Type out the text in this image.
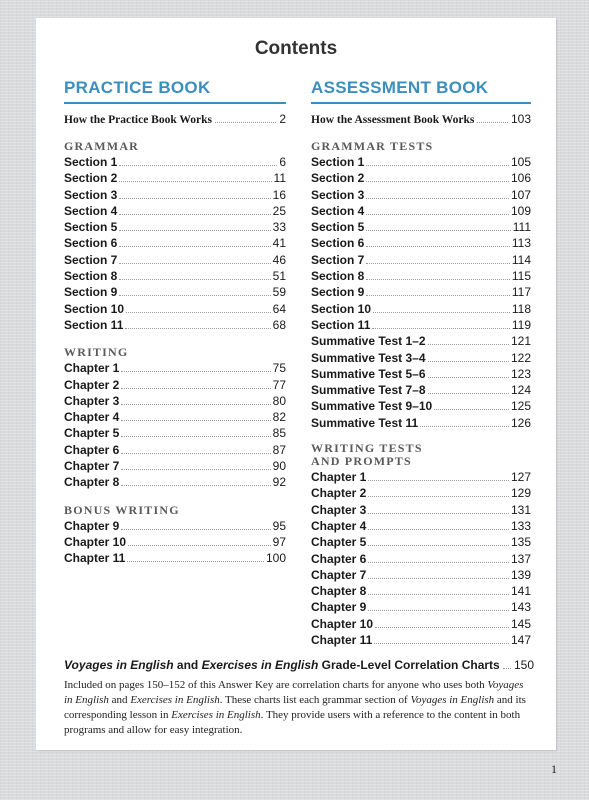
Contents
PRACTICE BOOK
How the Practice Book Works	2
GRAMMAR
Section 1	6
Section 2	11
Section 3	16
Section 4	25
Section 5	33
Section 6	41
Section 7	46
Section 8	51
Section 9	59
Section 10	64
Section 11	68
WRITING
Chapter 1	75
Chapter 2	77
Chapter 3	80
Chapter 4	82
Chapter 5	85
Chapter 6	87
Chapter 7	90
Chapter 8	92
BONUS WRITING
Chapter 9	95
Chapter 10	97
Chapter 11	100
ASSESSMENT BOOK
How the Assessment Book Works	103
GRAMMAR TESTS
Section 1	105
Section 2	106
Section 3	107
Section 4	109
Section 5	111
Section 6	113
Section 7	114
Section 8	115
Section 9	117
Section 10	118
Section 11	119
Summative Test 1–2	121
Summative Test 3–4	122
Summative Test 5–6	123
Summative Test 7–8	124
Summative Test 9–10	125
Summative Test 11	126
WRITING TESTS
AND PROMPTS
Chapter 1	127
Chapter 2	129
Chapter 3	131
Chapter 4	133
Chapter 5	135
Chapter 6	137
Chapter 7	139
Chapter 8	141
Chapter 9	143
Chapter 10	145
Chapter 11	147
Voyages in English and Exercises in English Grade-Level Correlation Charts 150

Included on pages 150–152 of this Answer Key are correlation charts for anyone who uses both Voyages in English and Exercises in English. These charts list each grammar section of Voyages in English and its corresponding lesson in Exercises in English. They provide users with a reference to the content in both programs and allow for easy integration.

1
